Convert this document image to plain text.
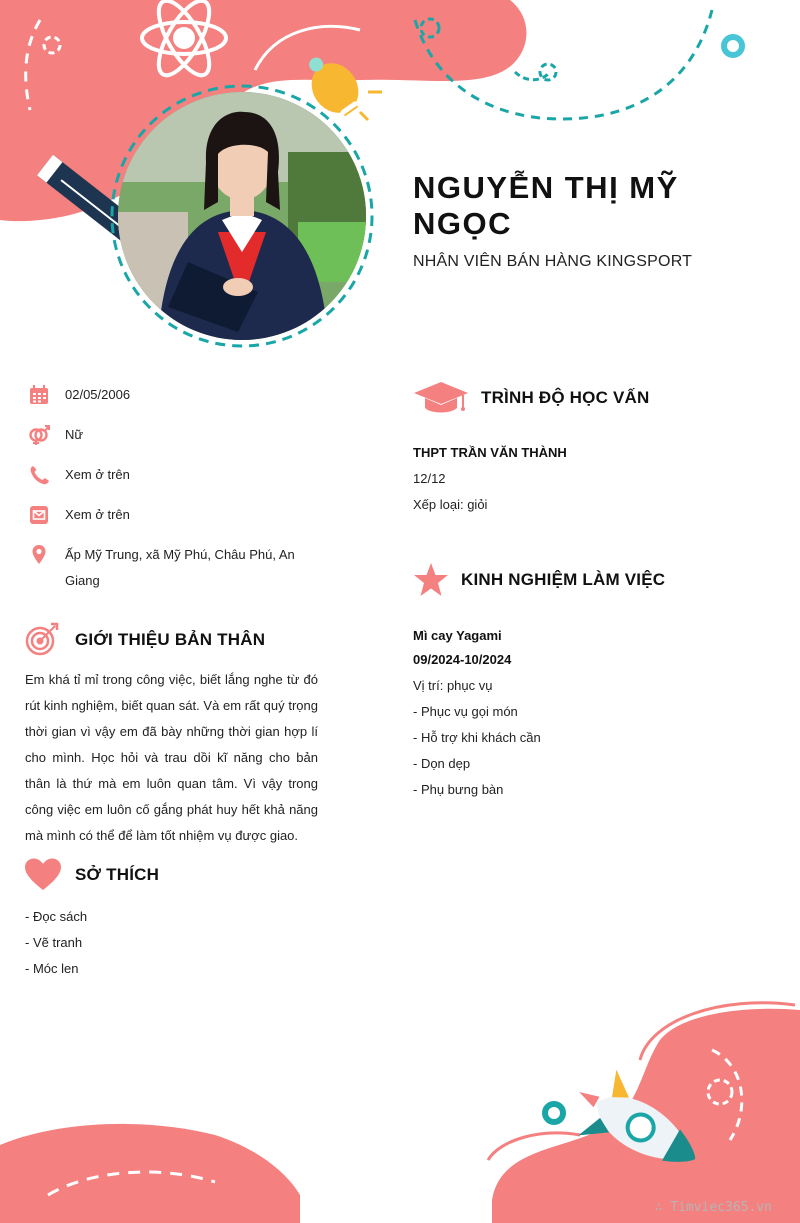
NGUYỄN THỊ MỸ NGỌC
NHÂN VIÊN BÁN HÀNG KINGSPORT
02/05/2006
Nữ
Xem ở trên
Xem ở trên
Ấp Mỹ Trung, xã Mỹ Phú, Châu Phú, An Giang
GIỚI THIỆU BẢN THÂN

Em khá tỉ mỉ trong công việc, biết lắng nghe từ đó rút kinh nghiệm, biết quan sát. Và em rất quý trọng thời gian vì vậy em đã bày những thời gian hợp lí cho mình. Học hỏi và trau dồi kĩ năng cho bản thân là thứ mà em luôn quan tâm. Vì vậy trong công việc em luôn cố gắng phát huy hết khả năng mà mình có thể để làm tốt nhiệm vụ được giao.

SỞ THÍCH
- Đọc sách
- Vẽ tranh
- Móc len
TRÌNH ĐỘ HỌC VẤN
THPT TRẦN VĂN THÀNH
12/12
Xếp loại: giỏi
KINH NGHIỆM LÀM VIỆC
Mì cay Yagami
09/2024-10/2024
Vị trí: phục vụ
- Phục vụ gọi món
- Hỗ trợ khi khách cần
- Dọn dẹp
- Phụ bưng bàn
∴ Timviec365.vn
